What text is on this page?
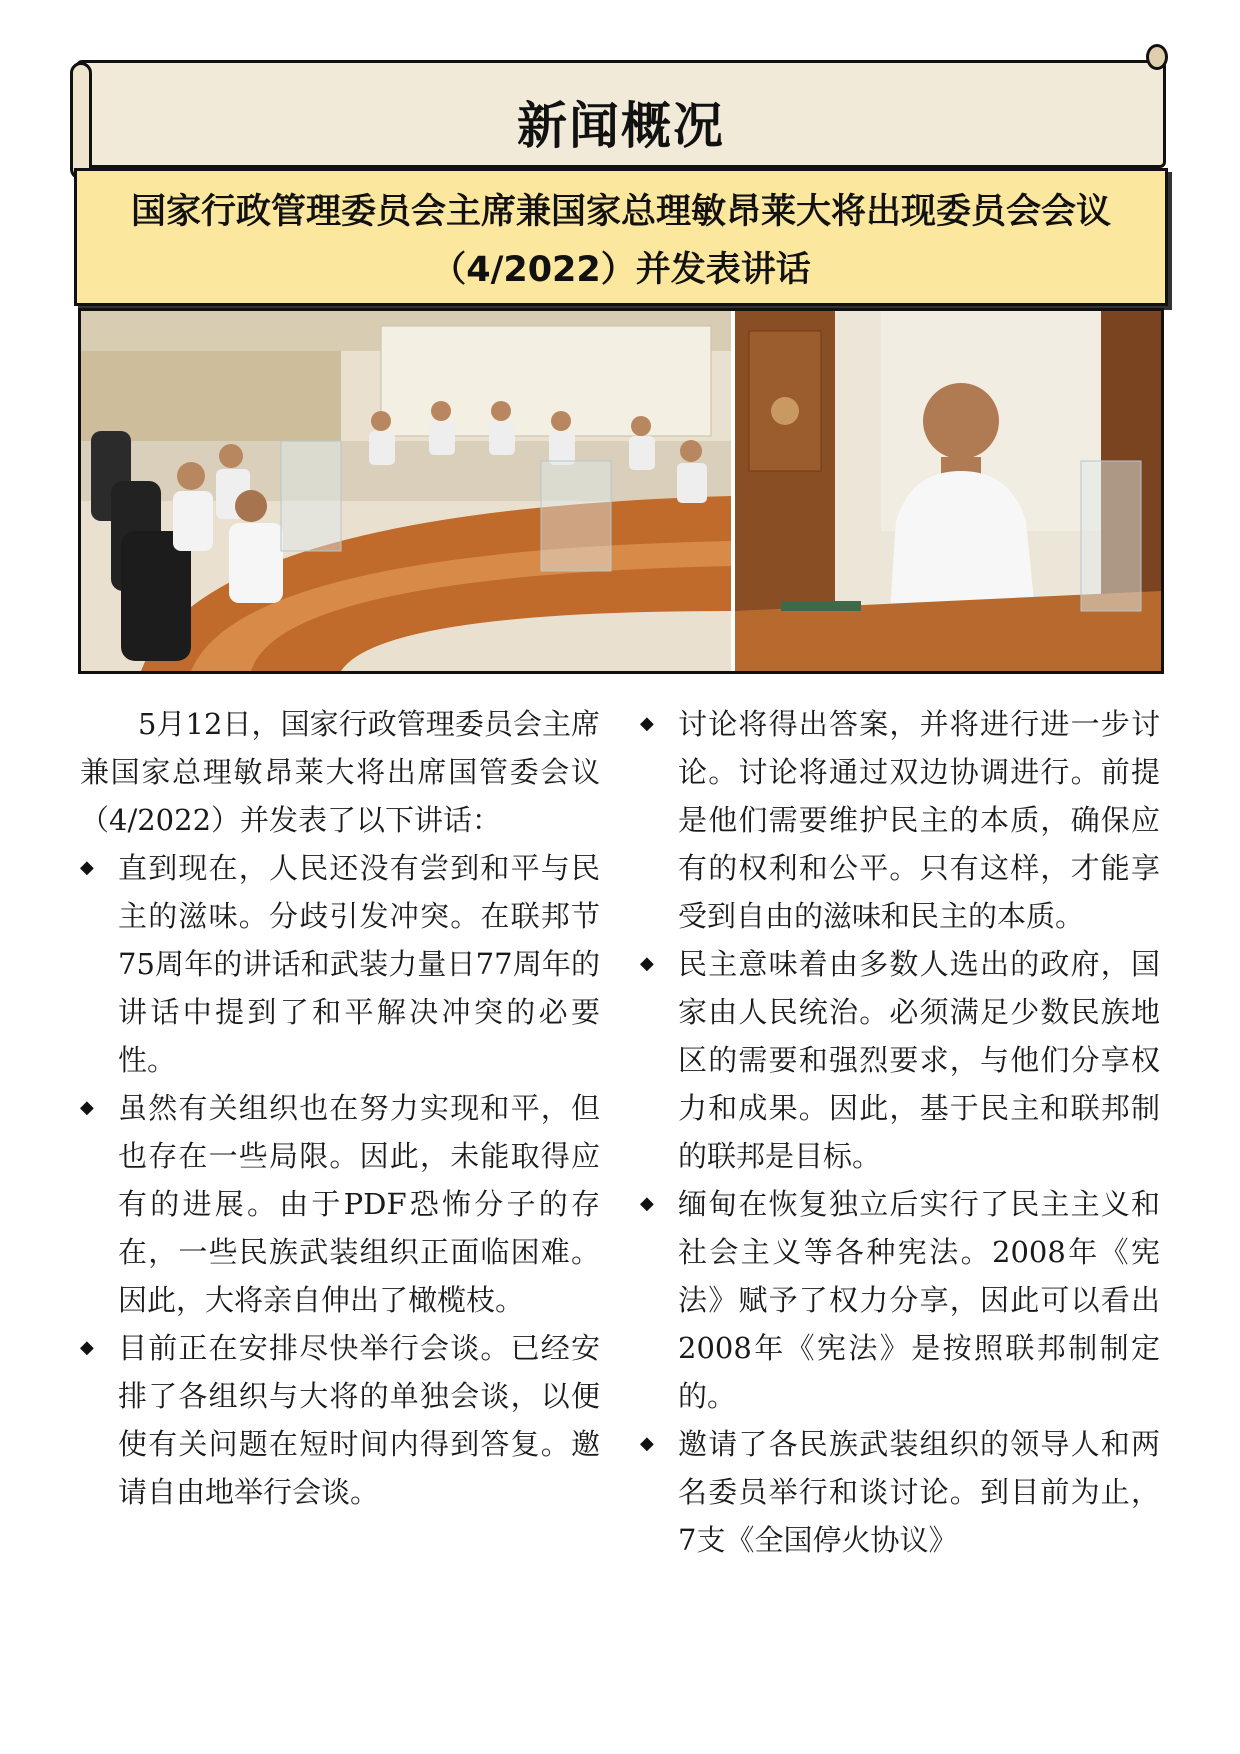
新闻概况
国家行政管理委员会主席兼国家总理敏昂莱大将出现委员会会议
（4/2022）并发表讲话

5月12日，国家行政管理委员会主席兼国家总理敏昂莱大将出席国管委会议（4/2022）并发表了以下讲话：

◆ 直到现在，人民还没有尝到和平与民主的滋味。分歧引发冲突。在联邦节75周年的讲话和武装力量日77周年的讲话中提到了和平解决冲突的必要性。

◆ 虽然有关组织也在努力实现和平，但也存在一些局限。因此，未能取得应有的进展。由于PDF恐怖分子的存在，一些民族武装组织正面临困难。因此，大将亲自伸出了橄榄枝。

◆ 目前正在安排尽快举行会谈。已经安排了各组织与大将的单独会谈，以便使有关问题在短时间内得到答复。邀请自由地举行会谈。

◆ 讨论将得出答案，并将进行进一步讨论。讨论将通过双边协调进行。前提是他们需要维护民主的本质，确保应有的权利和公平。只有这样，才能享受到自由的滋味和民主的本质。

◆ 民主意味着由多数人选出的政府，国家由人民统治。必须满足少数民族地区的需要和强烈要求，与他们分享权力和成果。因此，基于民主和联邦制的联邦是目标。

◆ 缅甸在恢复独立后实行了民主主义和社会主义等各种宪法。2008年《宪法》赋予了权力分享，因此可以看出2008年《宪法》是按照联邦制制定的。

◆ 邀请了各民族武装组织的领导人和两名委员举行和谈讨论。到目前为止，7支《全国停火协议》
